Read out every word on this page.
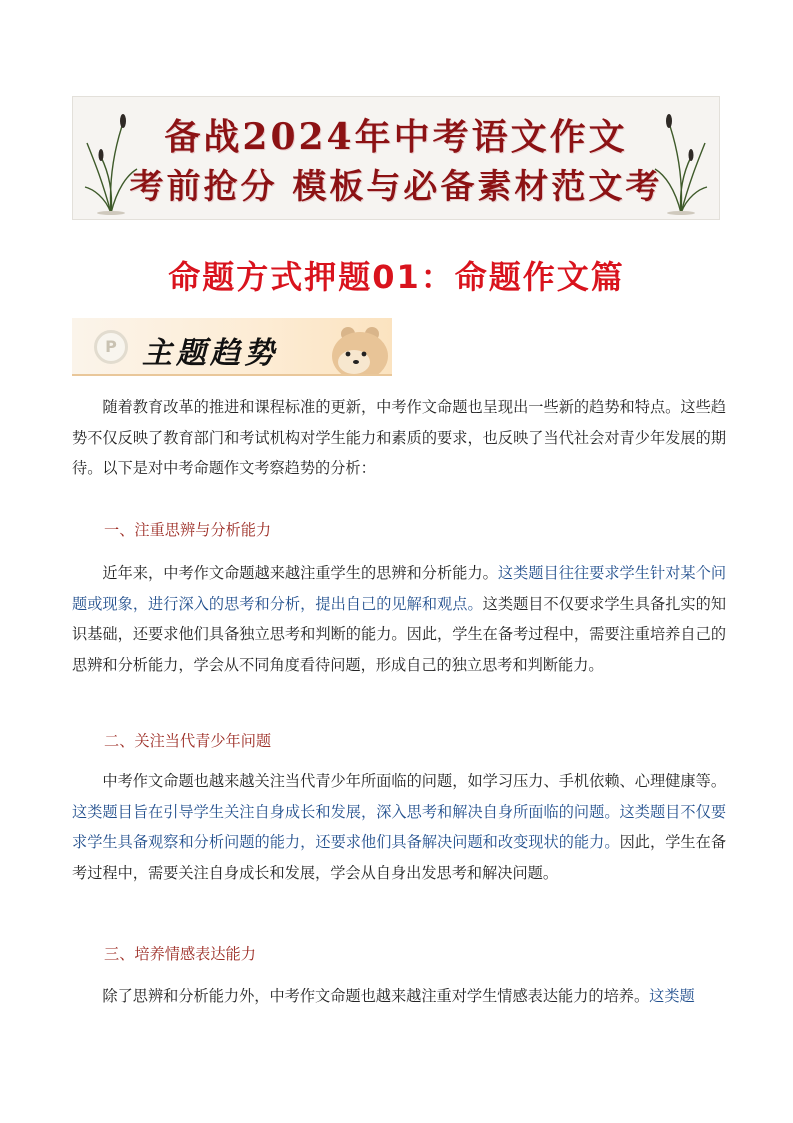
备战2024年中考语文作文
考前抢分 模板与必备素材范文考
命题方式押题01：命题作文篇
P 主题趋势

随着教育改革的推进和课程标准的更新，中考作文命题也呈现出一些新的趋势和特点。这些趋势不仅反映了教育部门和考试机构对学生能力和素质的要求，也反映了当代社会对青少年发展的期待。以下是对中考命题作文考察趋势的分析：

一、注重思辨与分析能力

近年来，中考作文命题越来越注重学生的思辨和分析能力。这类题目往往要求学生针对某个问题或现象，进行深入的思考和分析，提出自己的见解和观点。这类题目不仅要求学生具备扎实的知识基础，还要求他们具备独立思考和判断的能力。因此，学生在备考过程中，需要注重培养自己的思辨和分析能力，学会从不同角度看待问题，形成自己的独立思考和判断能力。

二、关注当代青少年问题

中考作文命题也越来越关注当代青少年所面临的问题，如学习压力、手机依赖、心理健康等。这类题目旨在引导学生关注自身成长和发展，深入思考和解决自身所面临的问题。这类题目不仅要求学生具备观察和分析问题的能力，还要求他们具备解决问题和改变现状的能力。因此，学生在备考过程中，需要关注自身成长和发展，学会从自身出发思考和解决问题。

三、培养情感表达能力

除了思辨和分析能力外，中考作文命题也越来越注重对学生情感表达能力的培养。这类题
